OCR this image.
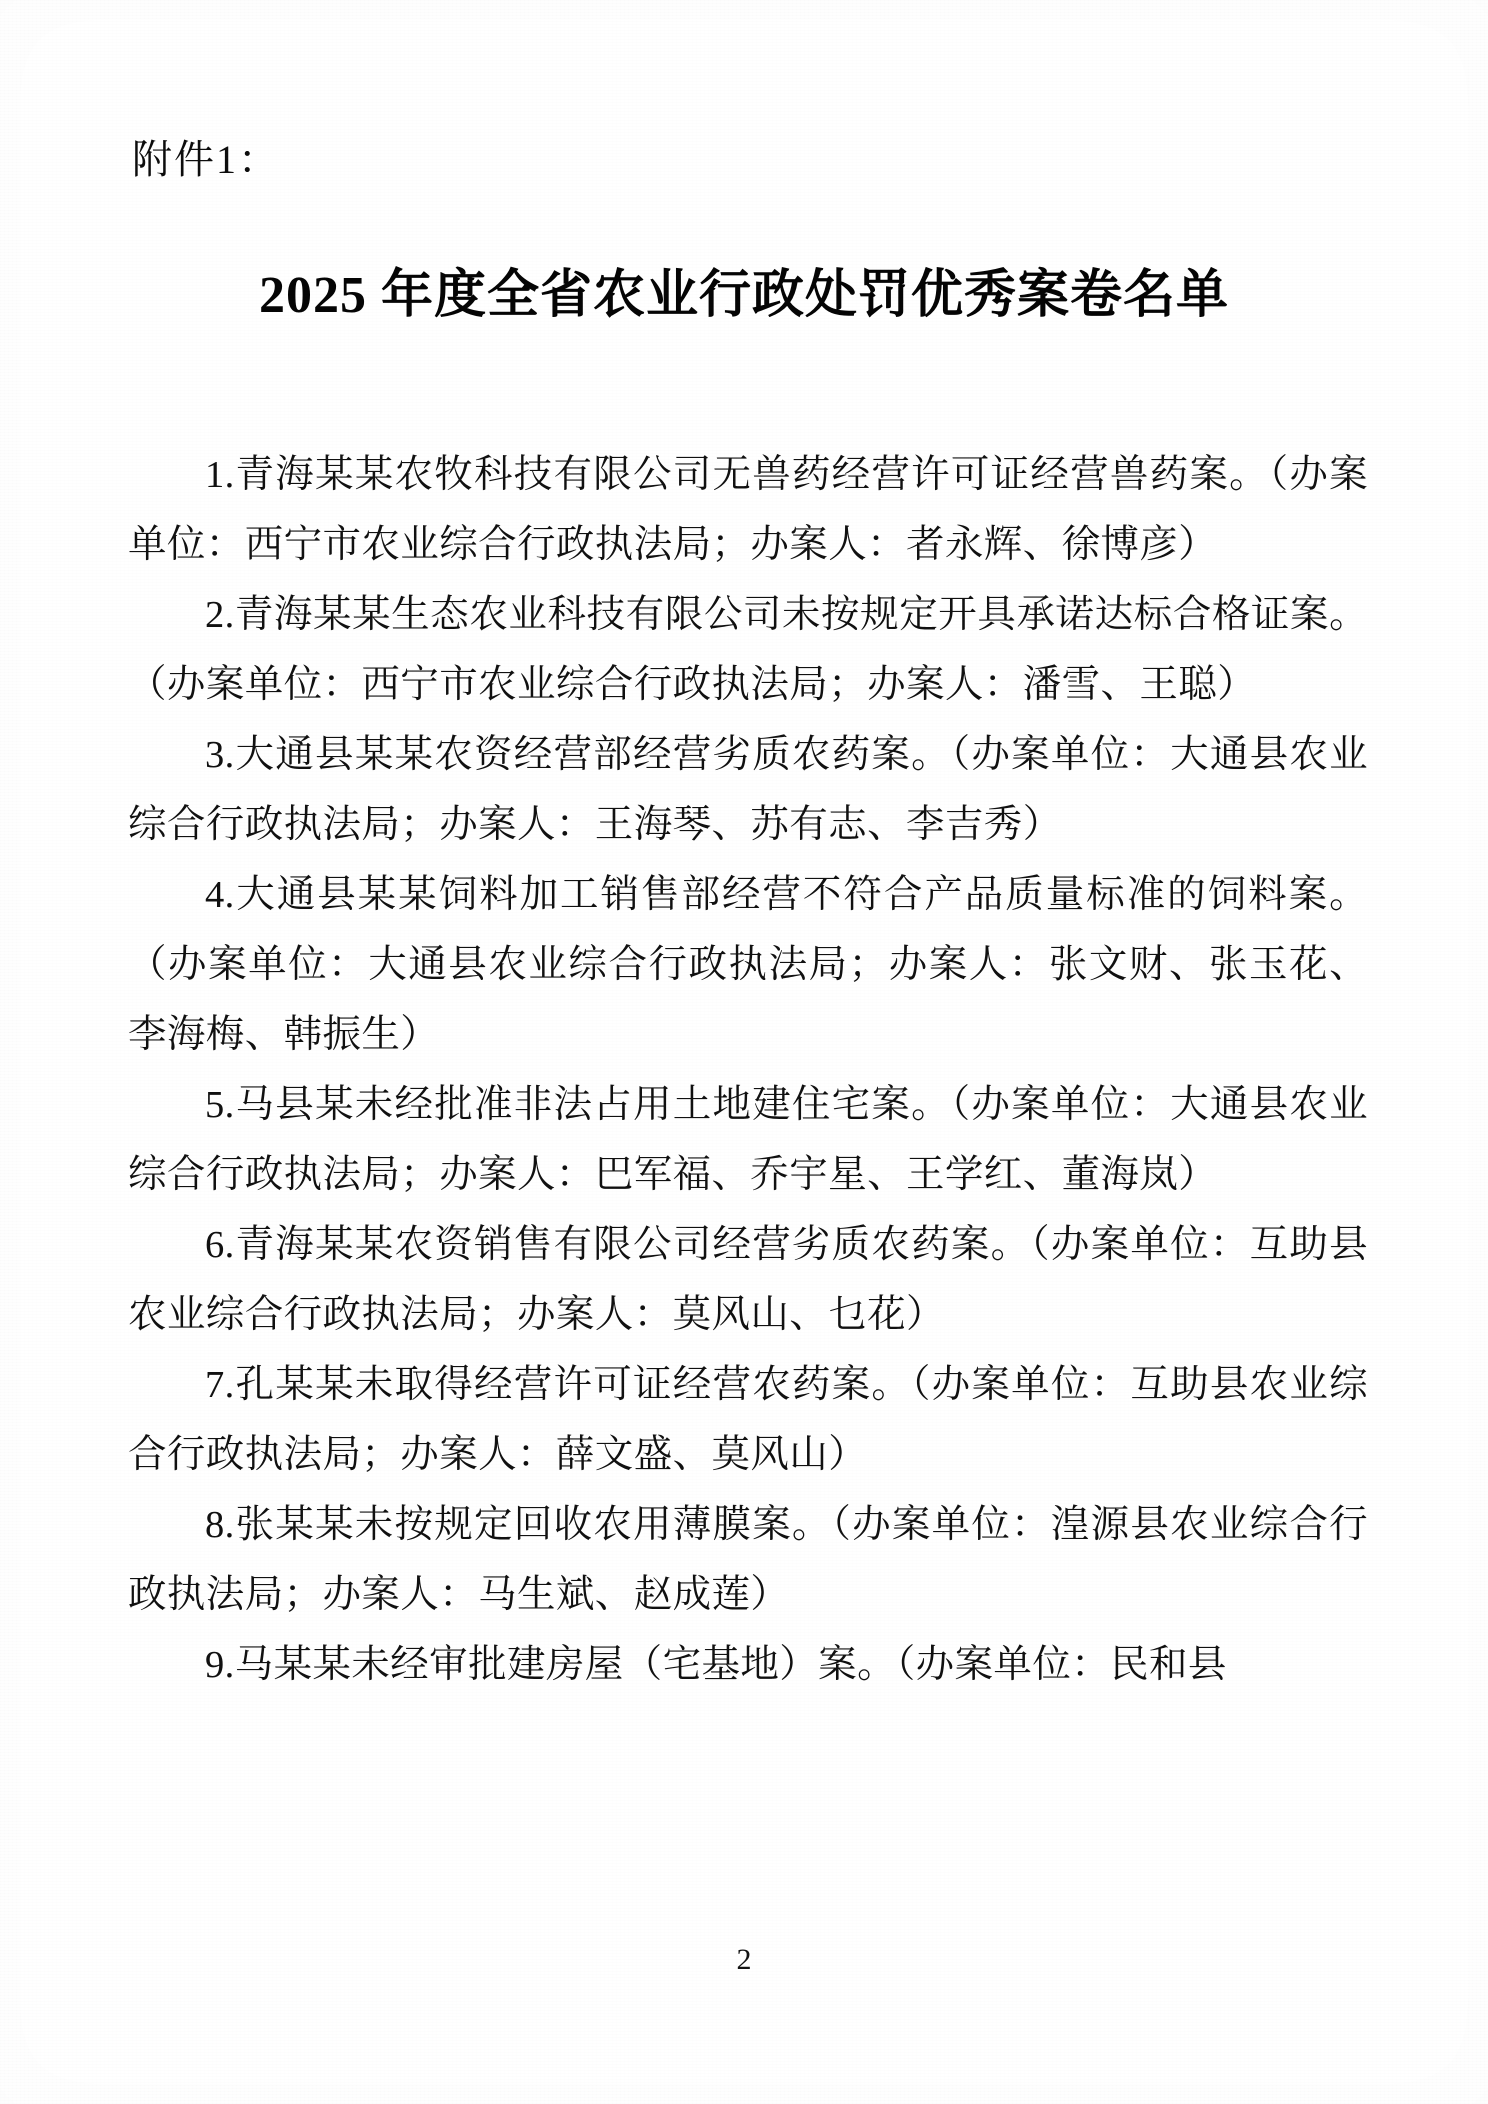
附件1：
2025 年度全省农业行政处罚优秀案卷名单

1.青海某某农牧科技有限公司无兽药经营许可证经营兽药案。（办案单位：西宁市农业综合行政执法局；办案人：者永辉、徐博彦）

2.青海某某生态农业科技有限公司未按规定开具承诺达标合格证案。（办案单位：西宁市农业综合行政执法局；办案人：潘雪、王聪）

3.大通县某某农资经营部经营劣质农药案。（办案单位：大通县农业综合行政执法局；办案人：王海琴、苏有志、李吉秀）

4.大通县某某饲料加工销售部经营不符合产品质量标准的饲料案。（办案单位：大通县农业综合行政执法局；办案人：张文财、张玉花、李海梅、韩振生）

5.马县某未经批准非法占用土地建住宅案。（办案单位：大通县农业综合行政执法局；办案人：巴军福、乔宇星、王学红、董海岚）

6.青海某某农资销售有限公司经营劣质农药案。（办案单位：互助县农业综合行政执法局；办案人：莫风山、乜花）

7.孔某某未取得经营许可证经营农药案。（办案单位：互助县农业综合行政执法局；办案人：薛文盛、莫风山）

8.张某某未按规定回收农用薄膜案。（办案单位：湟源县农业综合行政执法局；办案人：马生斌、赵成莲）

9.马某某未经审批建房屋（宅基地）案。（办案单位：民和县

2
